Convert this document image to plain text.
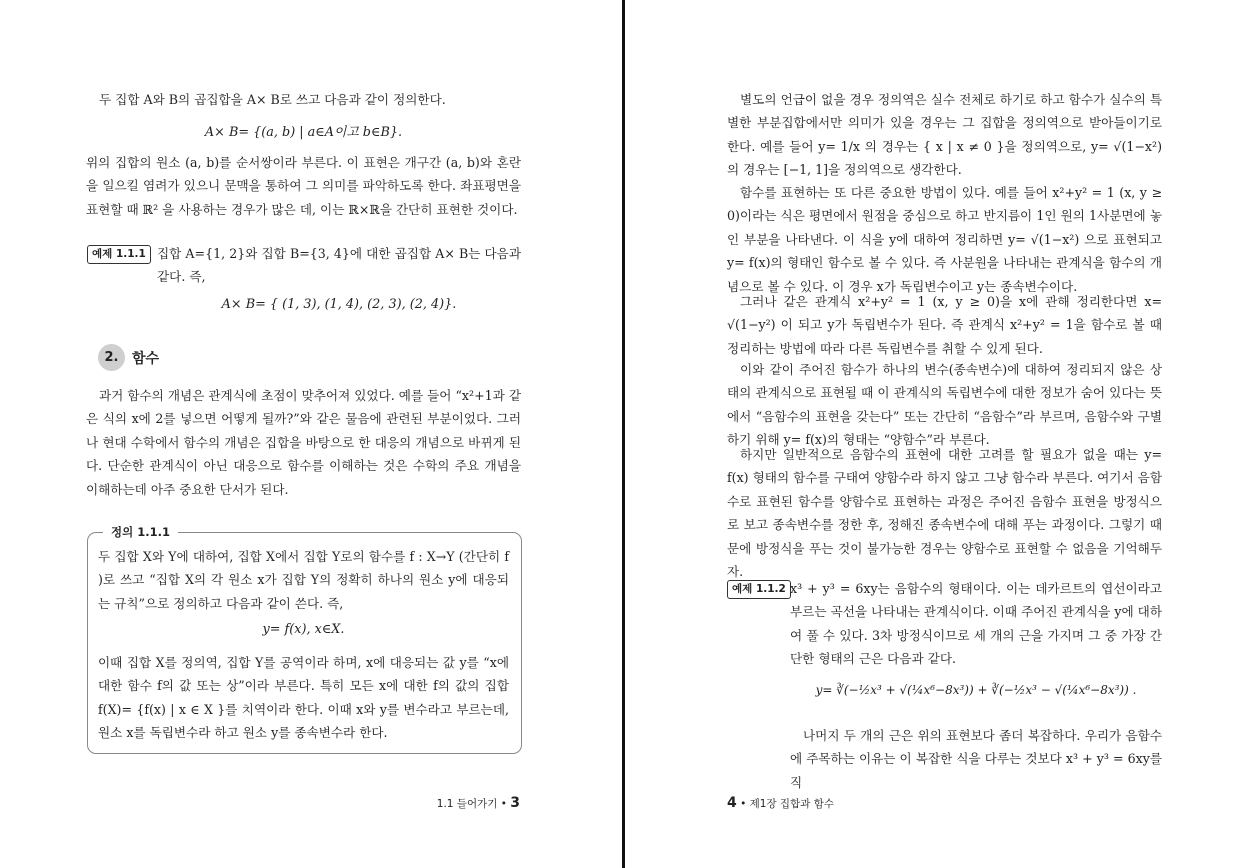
두 집합 A와 B의 곱집합을 A× B로 쓰고 다음과 같이 정의한다.

A× B= {(a, b) | a∈A이고 b∈B}.

위의 집합의 원소 (a, b)를 순서쌍이라 부른다. 이 표현은 개구간 (a, b)와 혼란을 일으킬 염려가 있으니 문맥을 통하여 그 의미를 파악하도록 한다. 좌표평면을 표현할 때 ℝ² 을 사용하는 경우가 많은 데, 이는 ℝ×ℝ을 간단히 표현한 것이다.

예제 1.1.1 집합 A={1, 2}와 집합 B={3, 4}에 대한 곱집합 A× B는 다음과 같다. 즉,

A× B= { (1, 3), (1, 4), (2, 3), (2, 4)}.
2. 함수

과거 함수의 개념은 관계식에 초점이 맞추어져 있었다. 예를 들어 “x²+1과 같은 식의 x에 2를 넣으면 어떻게 될까?”와 같은 물음에 관련된 부분이었다. 그러나 현대 수학에서 함수의 개념은 집합을 바탕으로 한 대응의 개념으로 바뀌게 된다. 단순한 관계식이 아닌 대응으로 함수를 이해하는 것은 수학의 주요 개념을 이해하는데 아주 중요한 단서가 된다.

정의 1.1.1

두 집합 X와 Y에 대하여, 집합 X에서 집합 Y로의 함수를 f : X→Y (간단히 f )로 쓰고 “집합 X의 각 원소 x가 집합 Y의 정확히 하나의 원소 y에 대응되는 규칙”으로 정의하고 다음과 같이 쓴다. 즉,

y= f(x), x∈X.

이때 집합 X를 정의역, 집합 Y를 공역이라 하며, x에 대응되는 값 y를 “x에 대한 함수 f의 값 또는 상”이라 부른다. 특히 모든 x에 대한 f의 값의 집합 f(X)= {f(x) | x ∈ X }를 치역이라 한다. 이때 x와 y를 변수라고 부르는데, 원소 x를 독립변수라 하고 원소 y를 종속변수라 한다.

1.1 들어가기 • 3

별도의 언급이 없을 경우 정의역은 실수 전체로 하기로 하고 함수가 실수의 특별한 부분집합에서만 의미가 있을 경우는 그 집합을 정의역으로 받아들이기로 한다. 예를 들어 y= 1/x 의 경우는 { x | x ≠ 0 }을 정의역으로, y= √(1−x²) 의 경우는 [−1, 1]을 정의역으로 생각한다.

함수를 표현하는 또 다른 중요한 방법이 있다. 예를 들어 x²+y² = 1 (x, y ≥ 0)이라는 식은 평면에서 원점을 중심으로 하고 반지름이 1인 원의 1사분면에 놓인 부분을 나타낸다. 이 식을 y에 대하여 정리하면 y= √(1−x²) 으로 표현되고 y= f(x)의 형태인 함수로 볼 수 있다. 즉 사분원을 나타내는 관계식을 함수의 개념으로 볼 수 있다. 이 경우 x가 독립변수이고 y는 종속변수이다.

그러나 같은 관계식 x²+y² = 1 (x, y ≥ 0)을 x에 관해 정리한다면 x= √(1−y²) 이 되고 y가 독립변수가 된다. 즉 관계식 x²+y² = 1을 함수로 볼 때 정리하는 방법에 따라 다른 독립변수를 취할 수 있게 된다.

이와 같이 주어진 함수가 하나의 변수(종속변수)에 대하여 정리되지 않은 상태의 관계식으로 표현될 때 이 관계식의 독립변수에 대한 정보가 숨어 있다는 뜻에서 “음함수의 표현을 갖는다” 또는 간단히 “음함수”라 부르며, 음함수와 구별하기 위해 y= f(x)의 형태는 “양함수”라 부른다.

하지만 일반적으로 음함수의 표현에 대한 고려를 할 필요가 없을 때는 y= f(x) 형태의 함수를 구태여 양함수라 하지 않고 그냥 함수라 부른다. 여기서 음함수로 표현된 함수를 양함수로 표현하는 과정은 주어진 음함수 표현을 방정식으로 보고 종속변수를 정한 후, 정해진 종속변수에 대해 푸는 과정이다. 그렇기 때문에 방정식을 푸는 것이 불가능한 경우는 양함수로 표현할 수 없음을 기억해두자.

예제 1.1.2 x³ + y³ = 6xy는 음함수의 형태이다. 이는 데카르트의 엽선이라고 부르는 곡선을 나타내는 관계식이다. 이때 주어진 관계식을 y에 대하여 풀 수 있다. 3차 방정식이므로 세 개의 근을 가지며 그 중 가장 간단한 형태의 근은 다음과 같다.

y= ∛(−½x³ + √(¼x⁶−8x³)) + ∛(−½x³ − √(¼x⁶−8x³)) .

나머지 두 개의 근은 위의 표현보다 좀더 복잡하다. 우리가 음함수에 주목하는 이유는 이 복잡한 식을 다루는 것보다 x³ + y³ = 6xy를 직

4 • 제1장 집합과 함수
